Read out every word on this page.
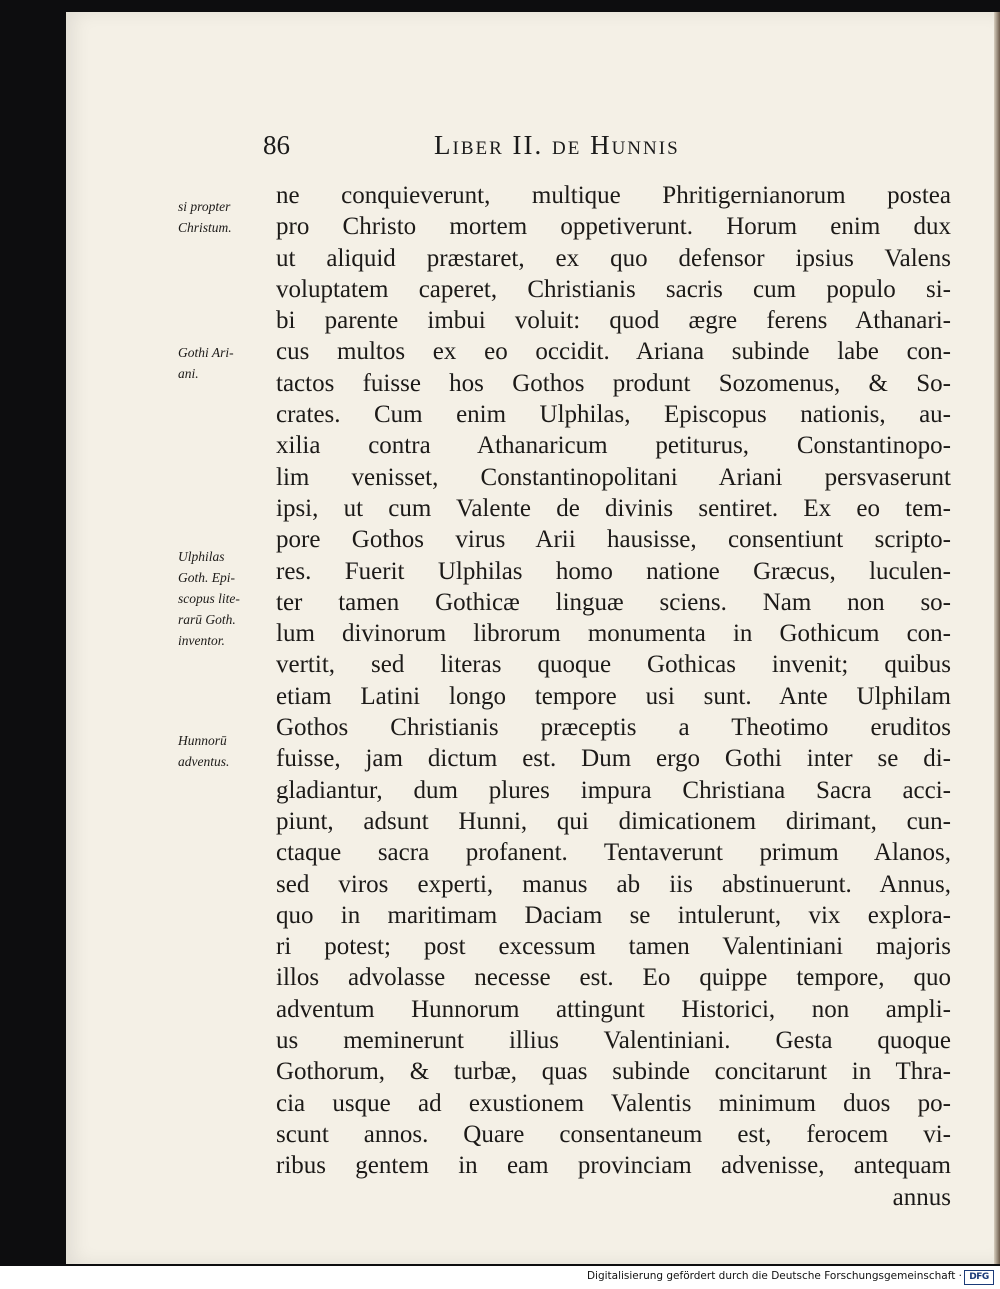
86	Liber II. de Hunnis
si propter
Christum.
Gothi Ari-
ani.
Ulphilas
Goth. Epi-
scopus lite-
rarū Goth.
inventor.
Hunnorū
adventus.
ne conquieverunt, multique Phritigernianorum postea
pro Christo mortem oppetiverunt. Horum enim dux
ut aliquid præstaret, ex quo defensor ipsius Valens
voluptatem caperet, Christianis sacris cum populo si-
bi parente imbui voluit: quod ægre ferens Athanari-
cus multos ex eo occidit. Ariana subinde labe con-
tactos fuisse hos Gothos produnt Sozomenus, & So-
crates. Cum enim Ulphilas, Episcopus nationis, au-
xilia contra Athanaricum petiturus, Constantinopo-
lim venisset, Constantinopolitani Ariani persvaserunt
ipsi, ut cum Valente de divinis sentiret. Ex eo tem-
pore Gothos virus Arii hausisse, consentiunt scripto-
res. Fuerit Ulphilas homo natione Græcus, luculen-
ter tamen Gothicæ linguæ sciens. Nam non so-
lum divinorum librorum monumenta in Gothicum con-
vertit, sed literas quoque Gothicas invenit; quibus
etiam Latini longo tempore usi sunt. Ante Ulphilam
Gothos Christianis præceptis a Theotimo eruditos
fuisse, jam dictum est. Dum ergo Gothi inter se di-
gladiantur, dum plures impura Christiana Sacra acci-
piunt, adsunt Hunni, qui dimicationem dirimant, cun-
ctaque sacra profanent. Tentaverunt primum Alanos,
sed viros experti, manus ab iis abstinuerunt. Annus,
quo in maritimam Daciam se intulerunt, vix explora-
ri potest; post excessum tamen Valentiniani majoris
illos advolasse necesse est. Eo quippe tempore, quo
adventum Hunnorum attingunt Historici, non ampli-
us meminerunt illius Valentiniani. Gesta quoque
Gothorum, & turbæ, quas subinde concitarunt in Thra-
cia usque ad exustionem Valentis minimum duos po-
scunt annos. Quare consentaneum est, ferocem vi-
ribus gentem in eam provinciam advenisse, antequam
annus
Digitalisierung gefördert durch die Deutsche Forschungsgemeinschaft · DFG
